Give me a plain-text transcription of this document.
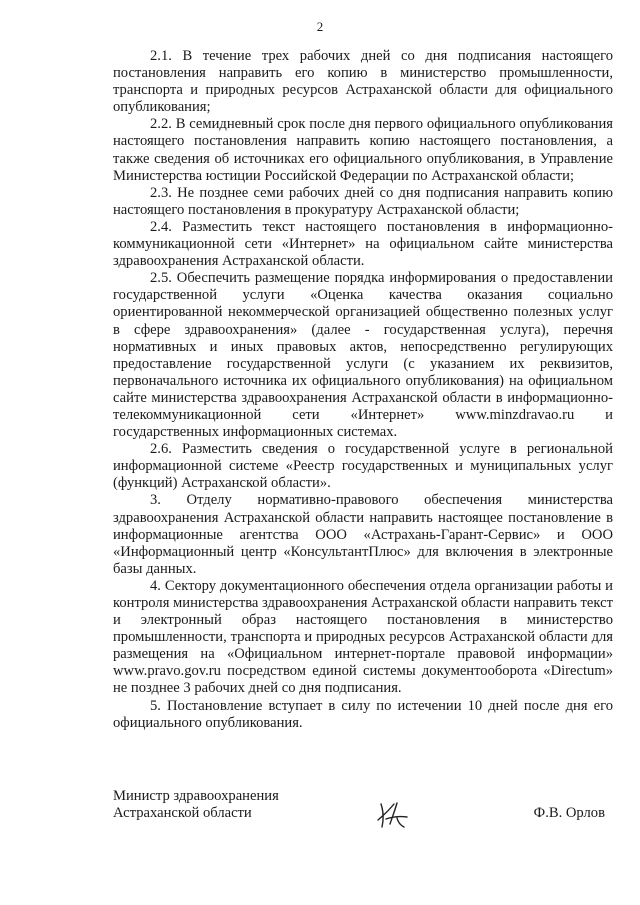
2

2.1. В течение трех рабочих дней со дня подписания настоящего постановления направить его копию в министерство промышленности, транспорта и природных ресурсов Астраханской области для официального опубликования;

2.2. В семидневный срок после дня первого официального опубликования настоящего постановления направить копию настоящего постановления, а также сведения об источниках его официального опубликования, в Управление Министерства юстиции Российской Федерации по Астраханской области;

2.3. Не позднее семи рабочих дней со дня подписания направить копию настоящего постановления в прокуратуру Астраханской области;

2.4. Разместить текст настоящего постановления в информационно-коммуникационной сети «Интернет» на официальном сайте министерства здравоохранения Астраханской области.

2.5. Обеспечить размещение порядка информирования о предоставлении государственной услуги «Оценка качества оказания социально ориентированной некоммерческой организацией общественно полезных услуг в сфере здравоохранения» (далее - государственная услуга), перечня нормативных и иных правовых актов, непосредственно регулирующих предоставление государственной услуги (с указанием их реквизитов, первоначального источника их официального опубликования) на официальном сайте министерства здравоохранения Астраханской области в информационно-телекоммуникационной сети «Интернет» www.minzdravao.ru и государственных информационных системах.

2.6. Разместить сведения о государственной услуге в региональной информационной системе «Реестр государственных и муниципальных услуг (функций) Астраханской области».

3. Отделу нормативно-правового обеспечения министерства здравоохранения Астраханской области направить настоящее постановление в информационные агентства ООО «Астрахань-Гарант-Сервис» и ООО «Информационный центр «КонсультантПлюс» для включения в электронные базы данных.

4. Сектору документационного обеспечения отдела организации работы и контроля министерства здравоохранения Астраханской области направить текст и электронный образ настоящего постановления в министерство промышленности, транспорта и природных ресурсов Астраханской области для размещения на «Официальном интернет-портале правовой информации» www.pravo.gov.ru посредством единой системы документооборота «Directum» не позднее 3 рабочих дней со дня подписания.

5. Постановление вступает в силу по истечении 10 дней после дня его официального опубликования.

Министр здравоохранения
Астраханской области	Ф.В. Орлов
